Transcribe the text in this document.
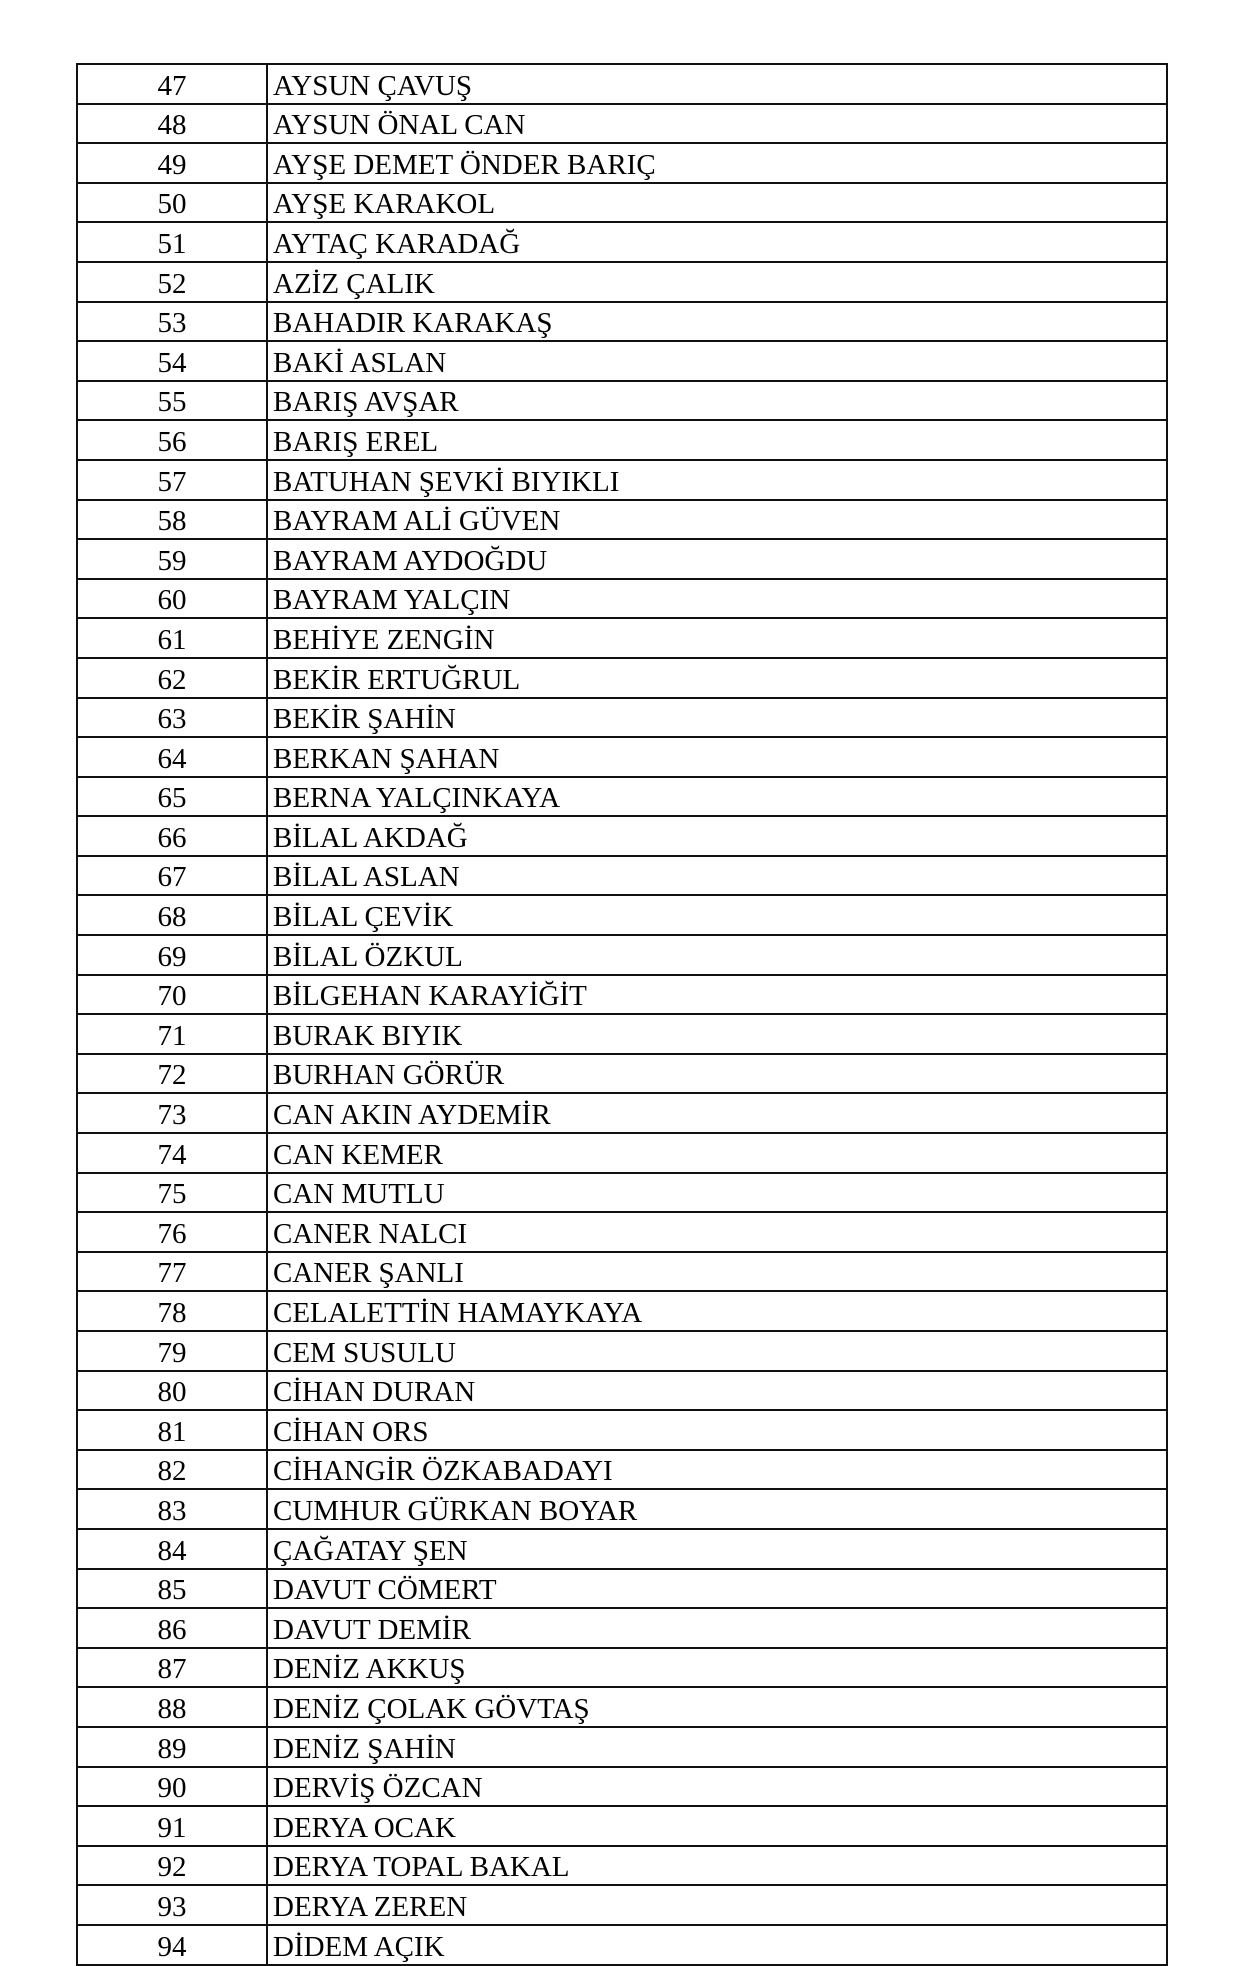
47	AYSUN ÇAVUŞ
48	AYSUN ÖNAL CAN
49	AYŞE DEMET ÖNDER BARIÇ
50	AYŞE KARAKOL
51	AYTAÇ KARADAĞ
52	AZİZ ÇALIK
53	BAHADIR KARAKAŞ
54	BAKİ ASLAN
55	BARIŞ AVŞAR
56	BARIŞ EREL
57	BATUHAN ŞEVKİ BIYIKLI
58	BAYRAM ALİ GÜVEN
59	BAYRAM AYDOĞDU
60	BAYRAM YALÇIN
61	BEHİYE ZENGİN
62	BEKİR ERTUĞRUL
63	BEKİR ŞAHİN
64	BERKAN ŞAHAN
65	BERNA YALÇINKAYA
66	BİLAL AKDAĞ
67	BİLAL ASLAN
68	BİLAL ÇEVİK
69	BİLAL ÖZKUL
70	BİLGEHAN KARAYİĞİT
71	BURAK BIYIK
72	BURHAN GÖRÜR
73	CAN AKIN AYDEMİR
74	CAN KEMER
75	CAN MUTLU
76	CANER NALCI
77	CANER ŞANLI
78	CELALETTİN HAMAYKAYA
79	CEM SUSULU
80	CİHAN DURAN
81	CİHAN ORS
82	CİHANGİR ÖZKABADAYI
83	CUMHUR GÜRKAN BOYAR
84	ÇAĞATAY ŞEN
85	DAVUT CÖMERT
86	DAVUT DEMİR
87	DENİZ AKKUŞ
88	DENİZ ÇOLAK GÖVTAŞ
89	DENİZ ŞAHİN
90	DERVİŞ ÖZCAN
91	DERYA OCAK
92	DERYA TOPAL BAKAL
93	DERYA ZEREN
94	DİDEM AÇIK
